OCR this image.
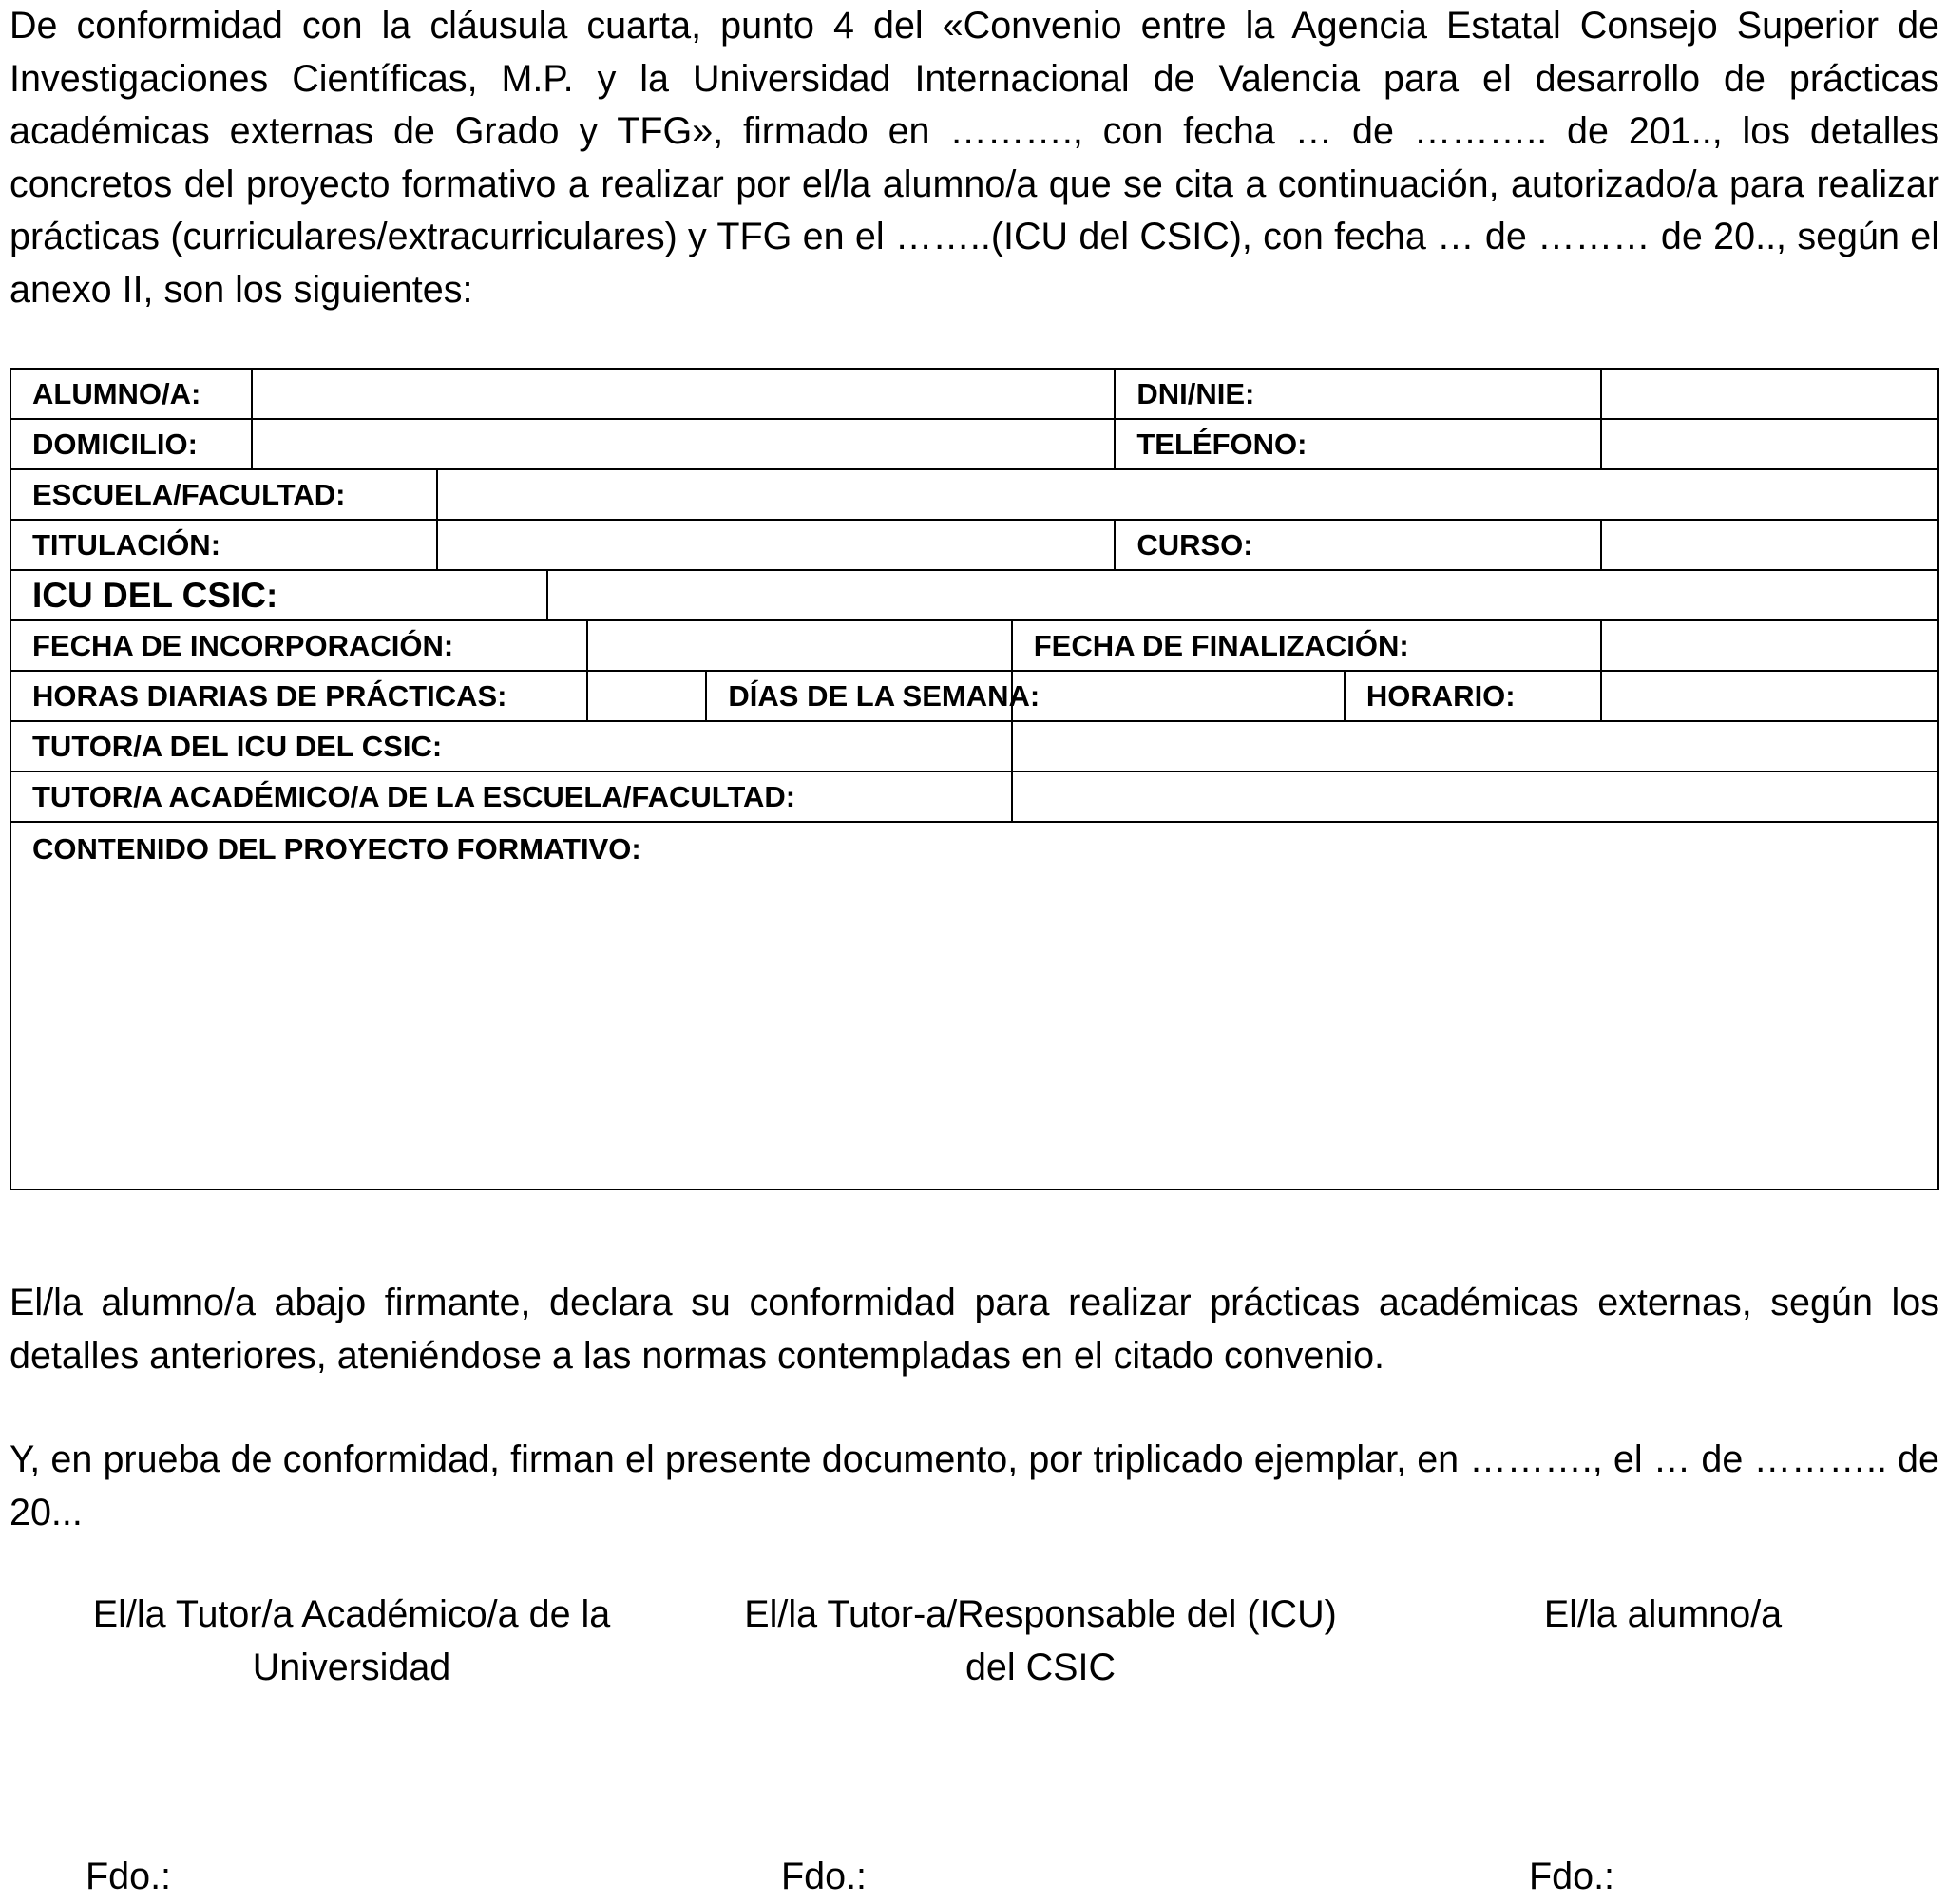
De conformidad con la cláusula cuarta, punto 4 del «Convenio entre la Agencia Estatal Consejo Superior de Investigaciones Científicas, M.P. y la Universidad Internacional de Valencia para el desarrollo de prácticas académicas externas de Grado y TFG», firmado en ………., con fecha … de ……….. de 201.., los detalles concretos del proyecto formativo a realizar por el/la alumno/a que se cita a continuación, autorizado/a para realizar prácticas (curriculares/extracurriculares) y TFG en el ……..(ICU del CSIC), con fecha … de ……… de 20.., según el anexo II, son los siguientes:

ALUMNO/A:							DNI/NIE:		
DOMICILIO:							TELÉFONO:		
ESCUELA/FACULTAD:									
TITULACIÓN:							CURSO:		
ICU DEL CSIC:									
FECHA DE INCORPORACIÓN:						FECHA DE FINALIZACIÓN:			
HORAS DIARIAS DE PRÁCTICAS:					DÍAS DE LA SEMANA:			HORARIO:	
TUTOR/A DEL ICU DEL CSIC:									
TUTOR/A ACADÉMICO/A DE LA ESCUELA/FACULTAD:									
CONTENIDO DEL PROYECTO FORMATIVO:									

El/la alumno/a abajo firmante, declara su conformidad para realizar prácticas académicas externas, según los detalles anteriores, ateniéndose a las normas contempladas en el citado convenio.

Y, en prueba de conformidad, firman el presente documento, por triplicado ejemplar, en ………., el … de ……….. de 20...

El/la Tutor/a Académico/a de la
Universidad
El/la Tutor-a/Responsable del (ICU)
del CSIC
El/la alumno/a
Fdo.:	Fdo.:	Fdo.:
